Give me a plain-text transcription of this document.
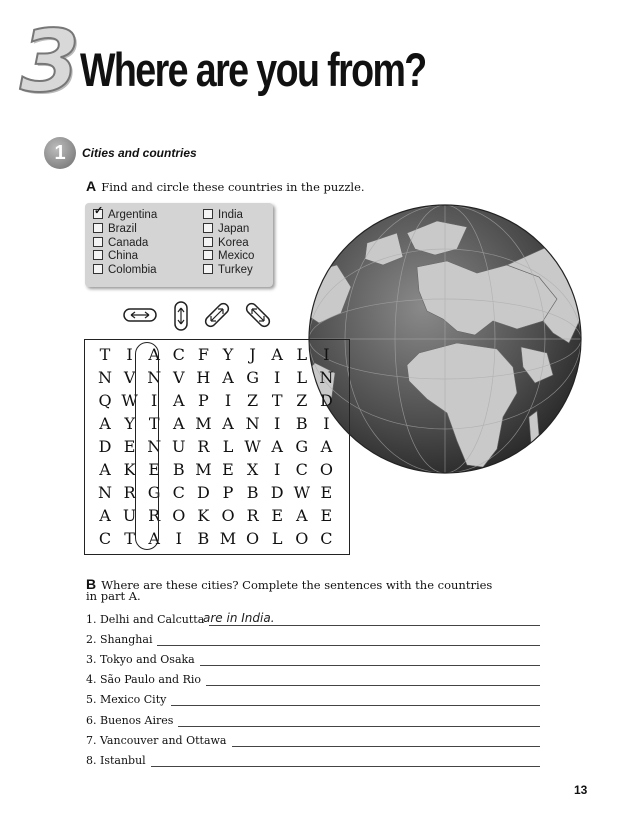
3 Where are you from?
1	Cities and countries
A Find and circle these countries in the puzzle.
✓Argentina
Brazil
Canada
China
Colombia
India
Japan
Korea
Mexico
Turkey
T	I A C F Y	J A L	I
N V N V H A G I	L N
Q W I A P	I Z T Z D
A Y T A M A N I B I
D E N U R L W A G A
A K E B M E X I C O
N R G C D P B D W E
A U R O K O R E A E
C T A I B M O L O C
B Where are these cities? Complete the sentences with the countries
in part A.
1. Delhi and Calcutta
2. Shanghai
3. Tokyo and Osaka
4. São Paulo and Rio
5. Mexico City
6. Buenos Aires
7. Vancouver and Ottawa
8. Istanbul
are in India.
13
